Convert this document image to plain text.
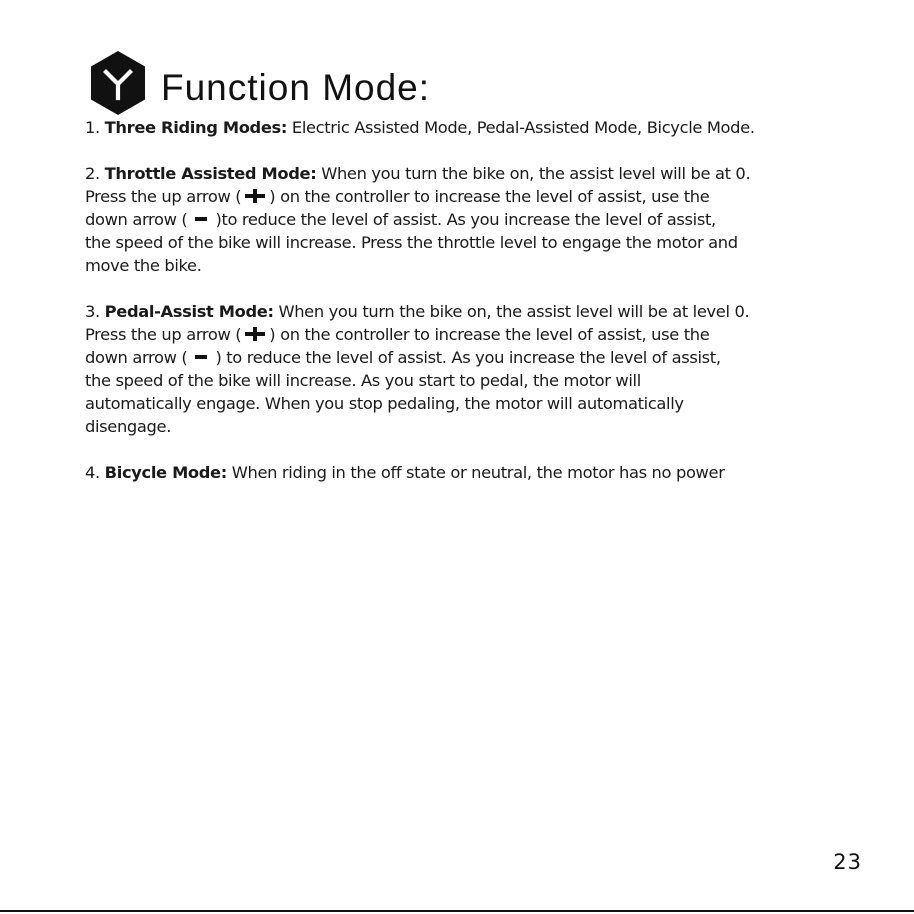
Function Mode:

1. Three Riding Modes: Electric Assisted Mode, Pedal-Assisted Mode, Bicycle Mode.

2. Throttle Assisted Mode: When you turn the bike on, the assist level will be at 0.
Press the up arrow ( ) on the controller to increase the level of assist, use the
down arrow ( )to reduce the level of assist. As you increase the level of assist,
the speed of the bike will increase. Press the throttle level to engage the motor and
move the bike.

3. Pedal-Assist Mode: When you turn the bike on, the assist level will be at level 0.
Press the up arrow ( ) on the controller to increase the level of assist, use the
down arrow ( ) to reduce the level of assist. As you increase the level of assist,
the speed of the bike will increase. As you start to pedal, the motor will
automatically engage. When you stop pedaling, the motor will automatically
disengage.

4. Bicycle Mode: When riding in the off state or neutral, the motor has no power

23
